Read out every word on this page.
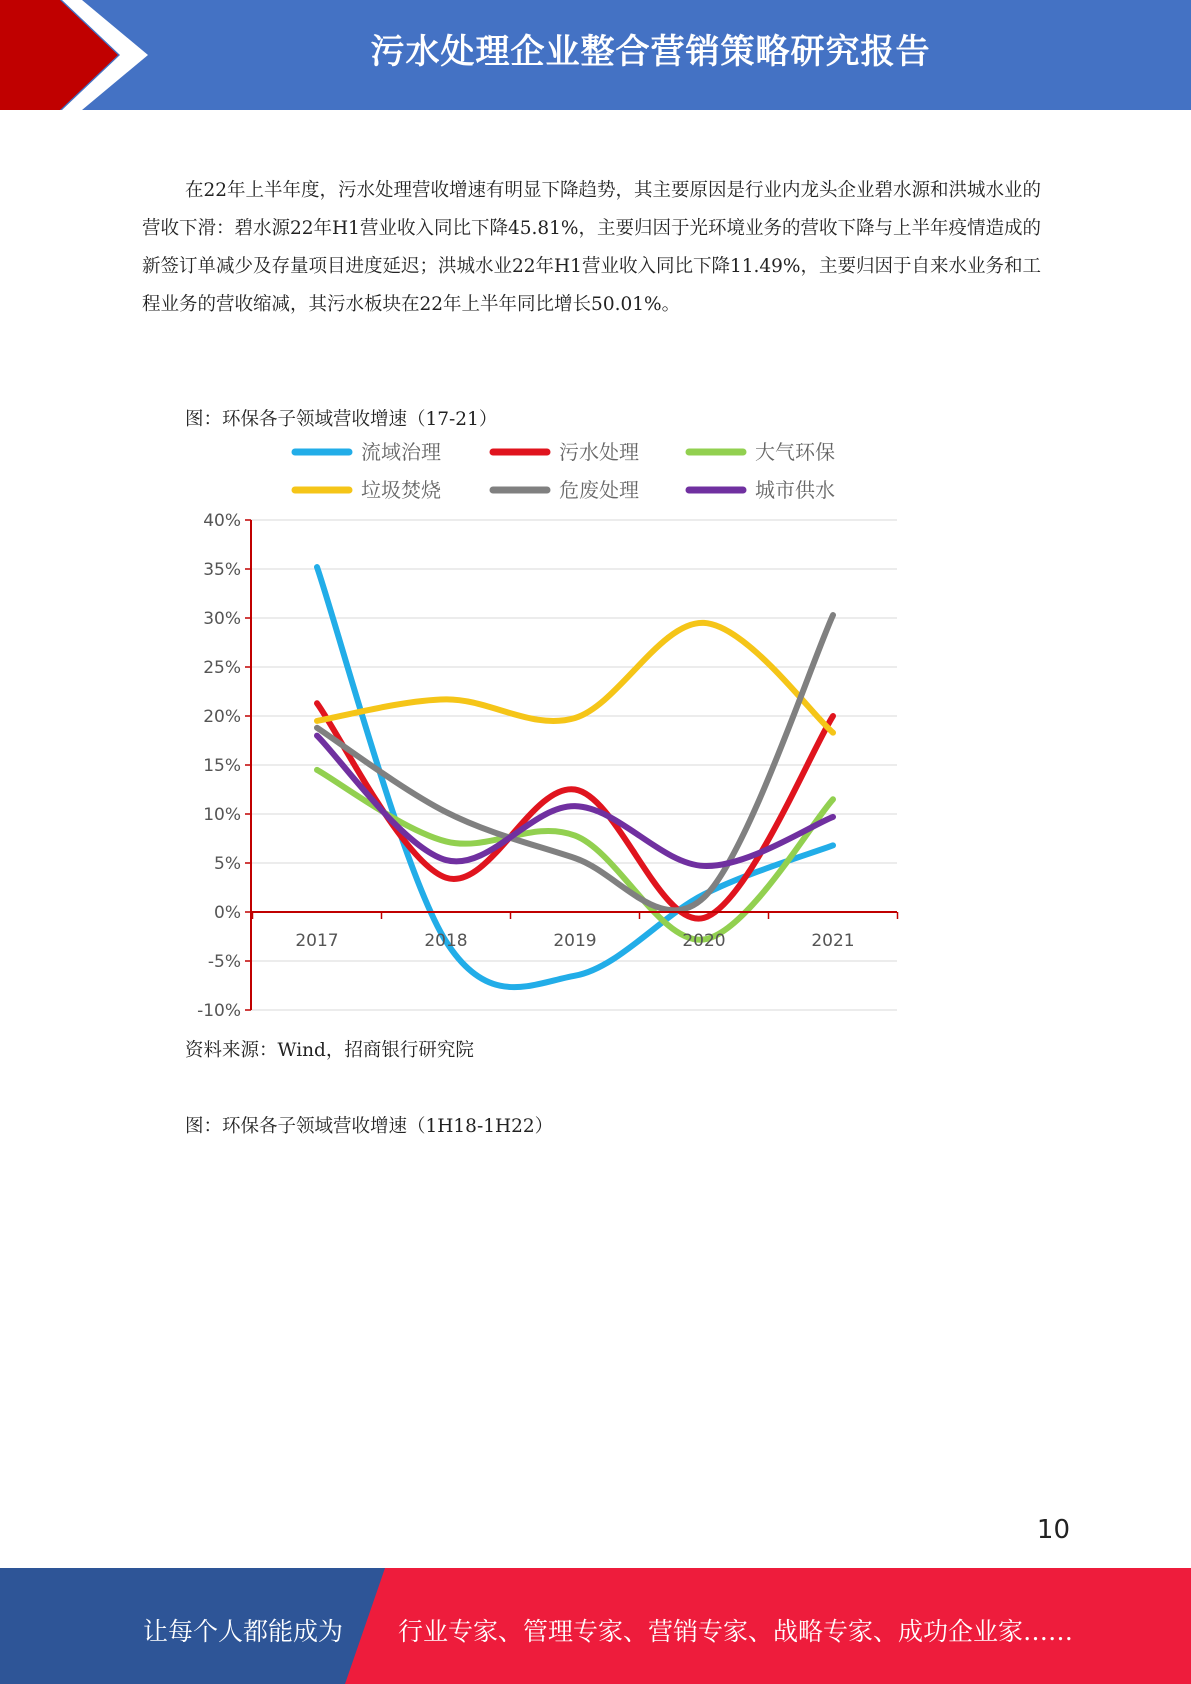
污水处理企业整合营销策略研究报告

在22年上半年度，污水处理营收增速有明显下降趋势，其主要原因是行业内龙头企业碧水源和洪城水业的营收下滑：碧水源22年H1营业收入同比下降45.81%，主要归因于光环境业务的营收下降与上半年疫情造成的新签订单减少及存量项目进度延迟；洪城水业22年H1营业收入同比下降11.49%，主要归因于自来水业务和工程业务的营收缩减，其污水板块在22年上半年同比增长50.01%。

图：环保各子领域营收增速（17-21）

流域治理	污水处理	大气环保
垃圾焚烧	危废处理	城市供水
-10%
-5%
0%
5%
10%
15%
20%
25%
30%
35%
40%
2017	2018	2019	2020	2021

资料来源：Wind，招商银行研究院

图：环保各子领域营收增速（1H18-1H22）

10
让每个人都能成为 行业专家、管理专家、营销专家、战略专家、成功企业家……
